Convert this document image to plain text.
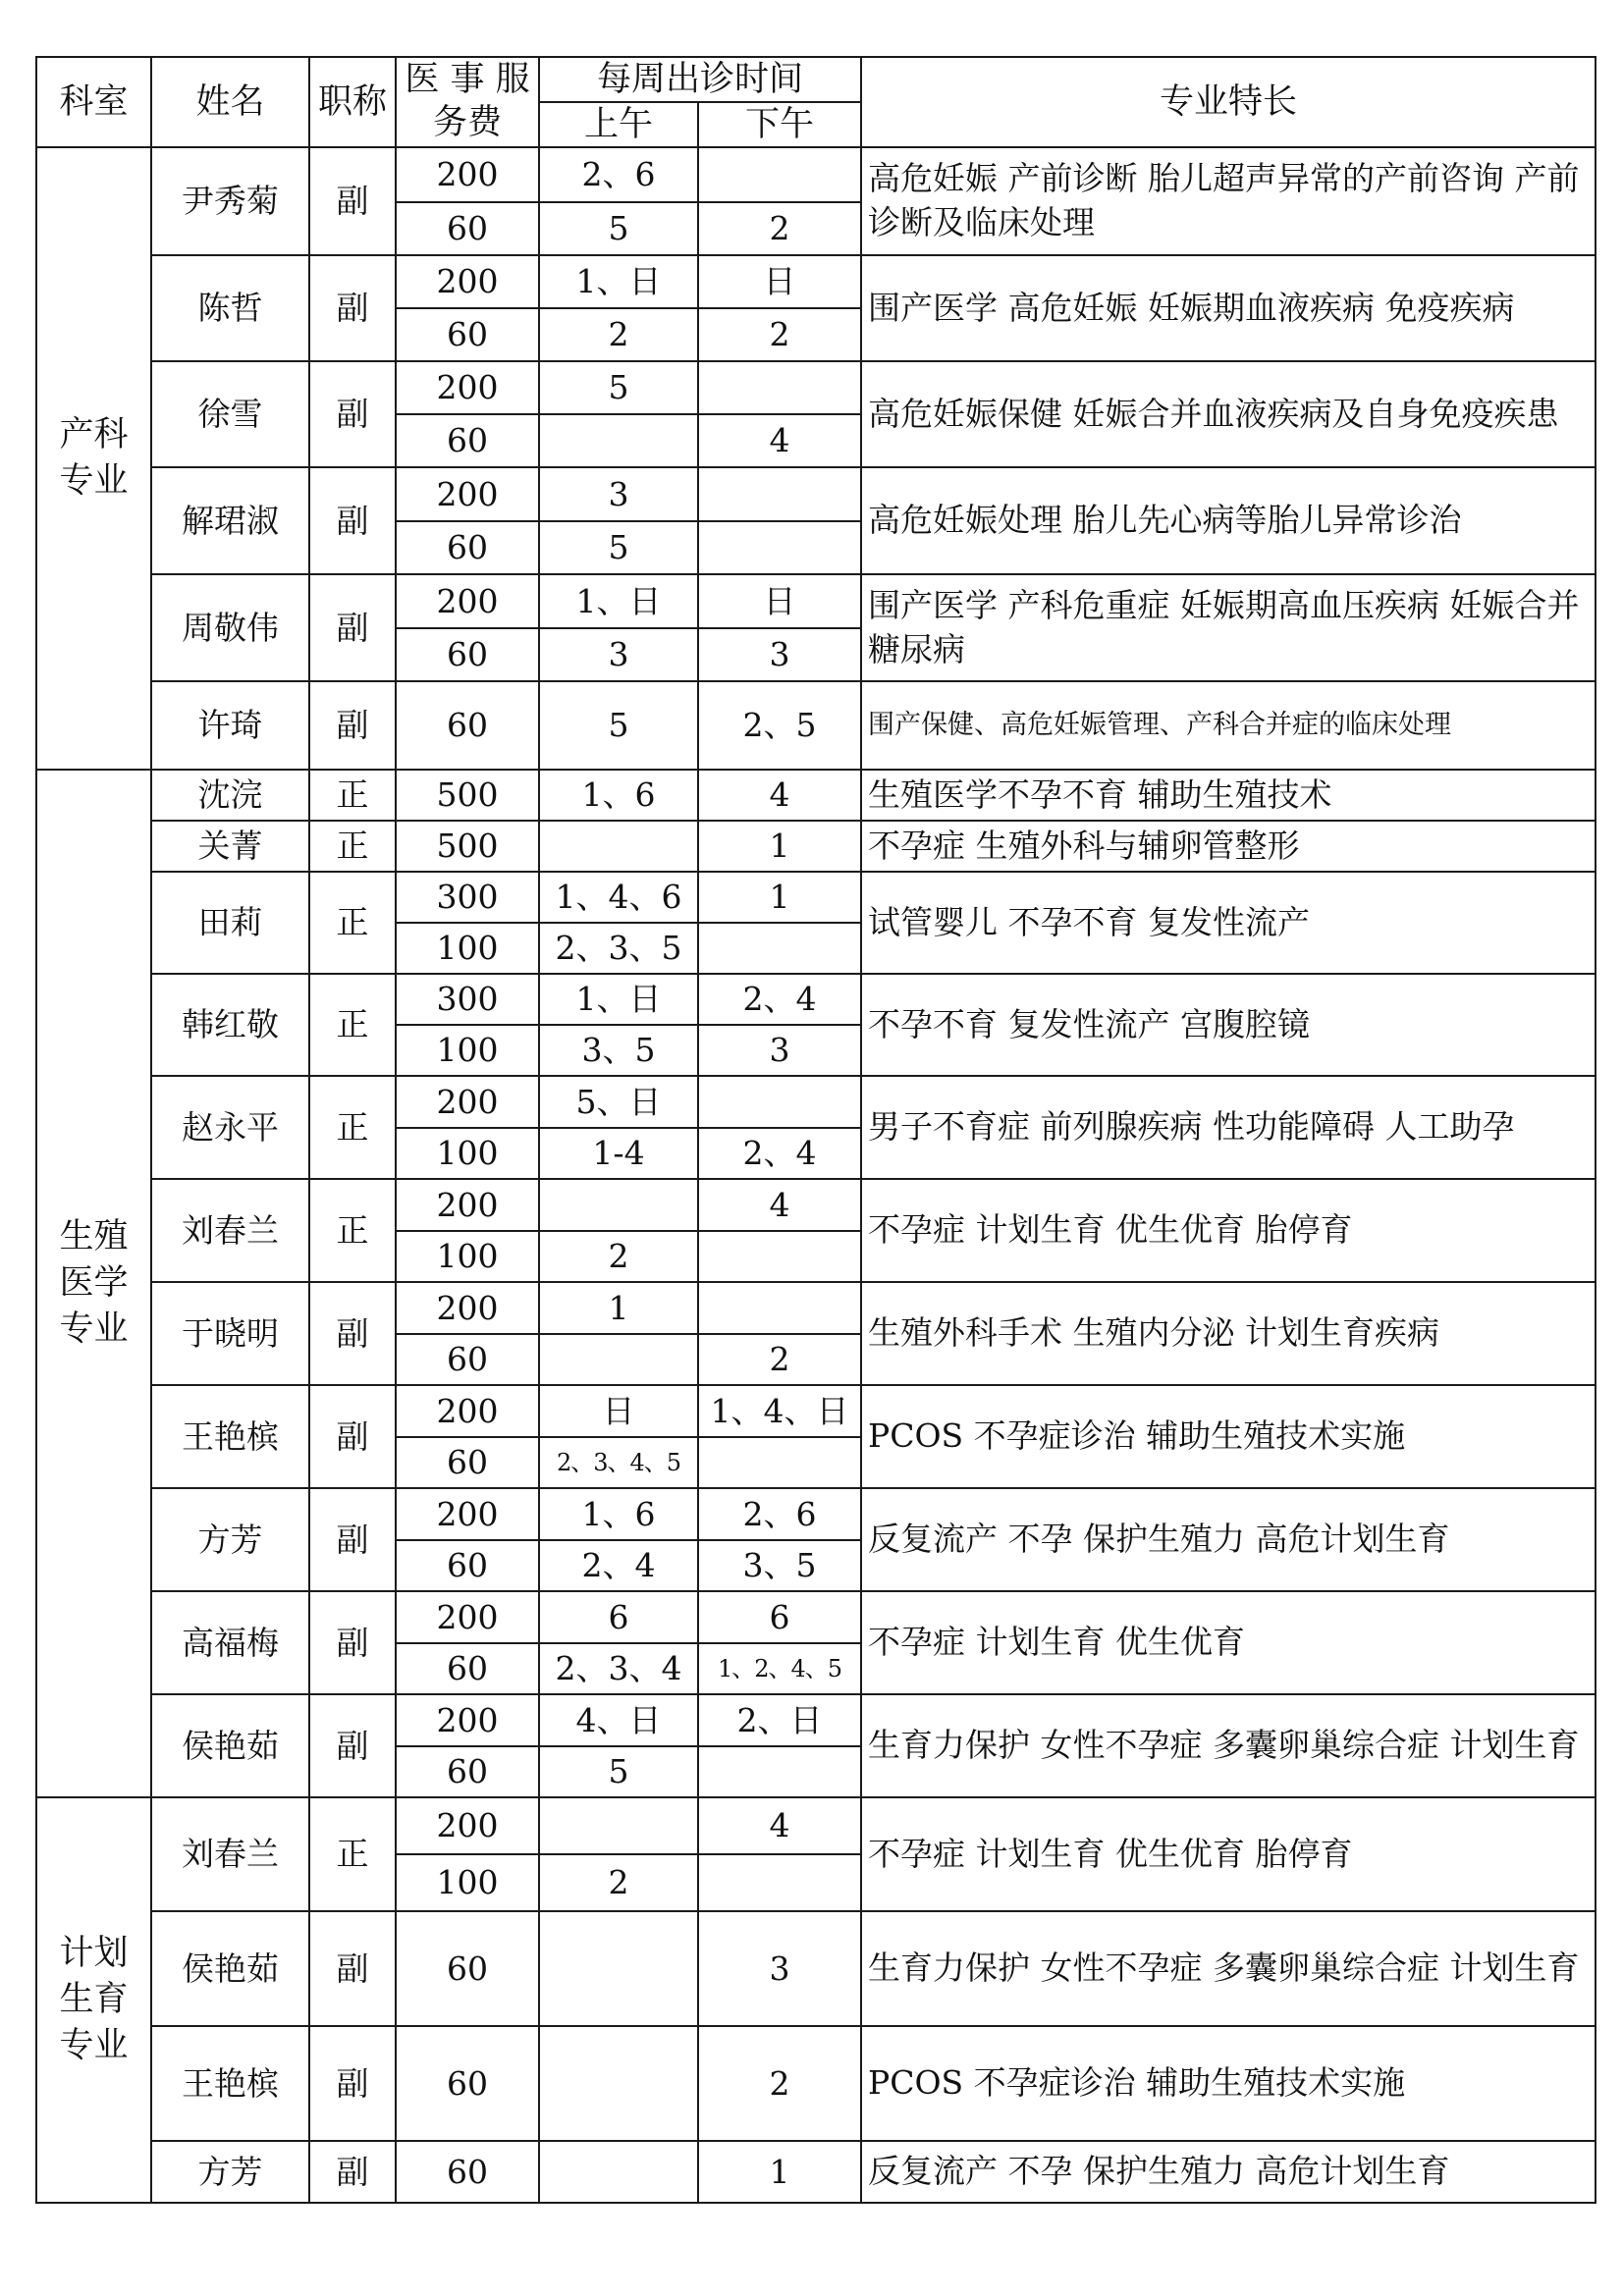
科室	姓名	职称	医 事 服务费	每周出诊时间		专业特长
				上午	下午	
产科专业	尹秀菊	副	200	2、6		高危妊娠 产前诊断 胎儿超声异常的产前咨询 产前诊断及临床处理
			60	5	2	
	陈哲	副	200	1、日	日	围产医学 高危妊娠 妊娠期血液疾病 免疫疾病
			60	2	2	
	徐雪	副	200	5		高危妊娠保健 妊娠合并血液疾病及自身免疫疾患
			60		4	
	解珺淑	副	200	3		高危妊娠处理 胎儿先心病等胎儿异常诊治
			60	5		
	周敬伟	副	200	1、日	日	围产医学 产科危重症 妊娠期高血压疾病 妊娠合并糖尿病
			60	3	3	
	许琦	副	60	5	2、5	围产保健、高危妊娠管理、产科合并症的临床处理
生殖医学专业	沈浣	正	500	1、6	4	生殖医学不孕不育 辅助生殖技术
	关菁	正	500		1	不孕症 生殖外科与辅卵管整形
	田莉	正	300	1、4、6	1	试管婴儿 不孕不育 复发性流产
			100	2、3、5		
	韩红敬	正	300	1、日	2、4	不孕不育 复发性流产 宫腹腔镜
			100	3、5	3	
	赵永平	正	200	5、日		男子不育症 前列腺疾病 性功能障碍 人工助孕
			100	1-4	2、4	
	刘春兰	正	200		4	不孕症 计划生育 优生优育 胎停育
			100	2		
	于晓明	副	200	1		生殖外科手术 生殖内分泌 计划生育疾病
			60		2	
	王艳槟	副	200	日	1、4、日	PCOS 不孕症诊治 辅助生殖技术实施
			60	2、3、4、5		
	方芳	副	200	1、6	2、6	反复流产 不孕 保护生殖力 高危计划生育
			60	2、4	3、5	
	高福梅	副	200	6	6	不孕症 计划生育 优生优育
			60	2、3、4	1、2、4、5	
	侯艳茹	副	200	4、日	2、日	生育力保护 女性不孕症 多囊卵巢综合症 计划生育
			60	5		
计划生育专业	刘春兰	正	200		4	不孕症 计划生育 优生优育 胎停育
			100	2		
	侯艳茹	副	60		3	生育力保护 女性不孕症 多囊卵巢综合症 计划生育
	王艳槟	副	60		2	PCOS 不孕症诊治 辅助生殖技术实施
	方芳	副	60		1	反复流产 不孕 保护生殖力 高危计划生育
